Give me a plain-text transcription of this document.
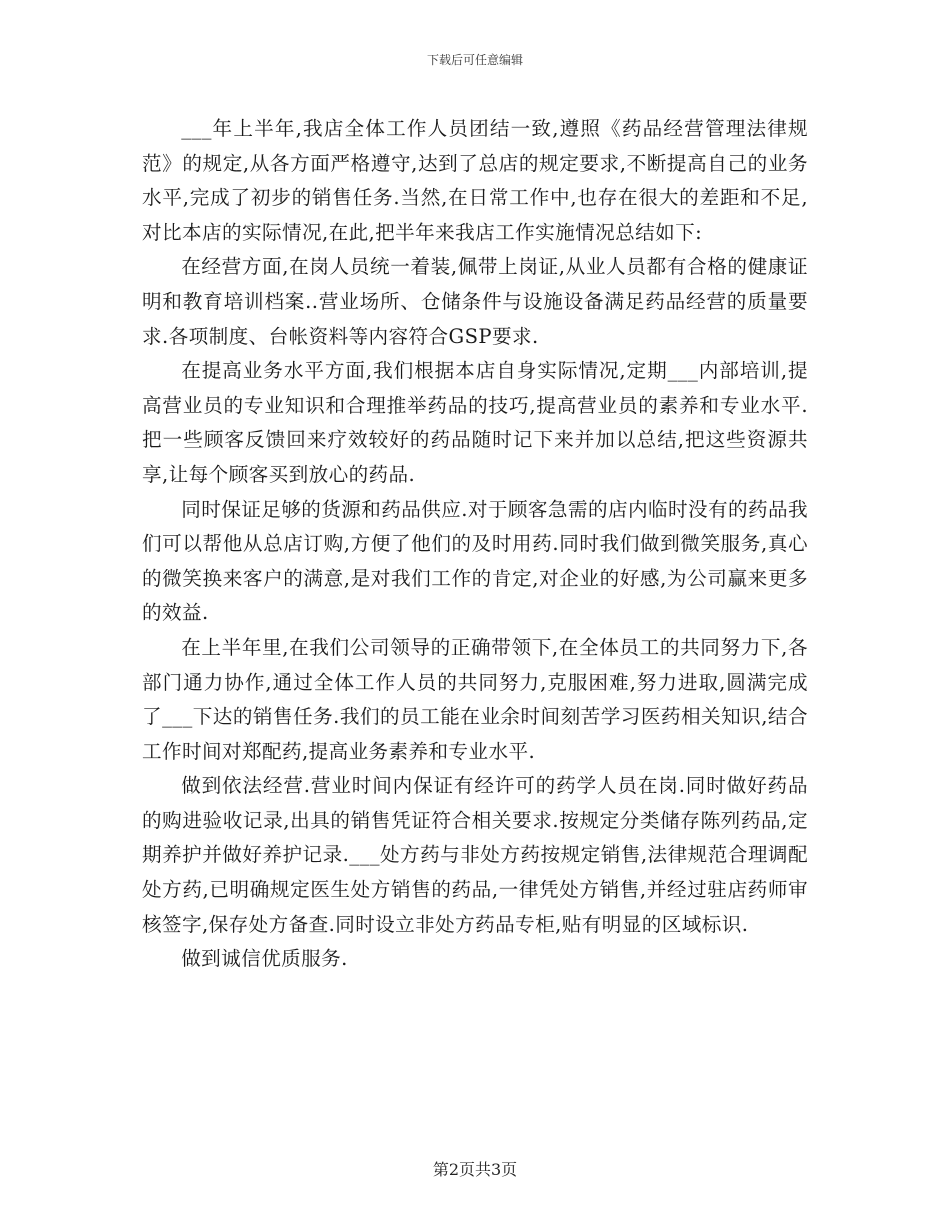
下载后可任意编辑

___年上半年,我店全体工作人员团结一致,遵照《药品经营管理法律规范》的规定,从各方面严格遵守,达到了总店的规定要求,不断提高自己的业务水平,完成了初步的销售任务.当然,在日常工作中,也存在很大的差距和不足,对比本店的实际情况,在此,把半年来我店工作实施情况总结如下:

在经营方面,在岗人员统一着装,佩带上岗证,从业人员都有合格的健康证明和教育培训档案..营业场所、仓储条件与设施设备满足药品经营的质量要求.各项制度、台帐资料等内容符合GSP要求.

在提高业务水平方面,我们根据本店自身实际情况,定期___内部培训,提高营业员的专业知识和合理推举药品的技巧,提高营业员的素养和专业水平.把一些顾客反馈回来疗效较好的药品随时记下来并加以总结,把这些资源共享,让每个顾客买到放心的药品.

同时保证足够的货源和药品供应.对于顾客急需的店内临时没有的药品我们可以帮他从总店订购,方便了他们的及时用药.同时我们做到微笑服务,真心的微笑换来客户的满意,是对我们工作的肯定,对企业的好感,为公司赢来更多的效益.

在上半年里,在我们公司领导的正确带领下,在全体员工的共同努力下,各部门通力协作,通过全体工作人员的共同努力,克服困难,努力进取,圆满完成了___下达的销售任务.我们的员工能在业余时间刻苦学习医药相关知识,结合工作时间对郑配药,提高业务素养和专业水平.

做到依法经营.营业时间内保证有经许可的药学人员在岗.同时做好药品的购进验收记录,出具的销售凭证符合相关要求.按规定分类储存陈列药品,定期养护并做好养护记录.___处方药与非处方药按规定销售,法律规范合理调配处方药,已明确规定医生处方销售的药品,一律凭处方销售,并经过驻店药师审核签字,保存处方备查.同时设立非处方药品专柜,贴有明显的区域标识.

做到诚信优质服务.

第2页共3页
